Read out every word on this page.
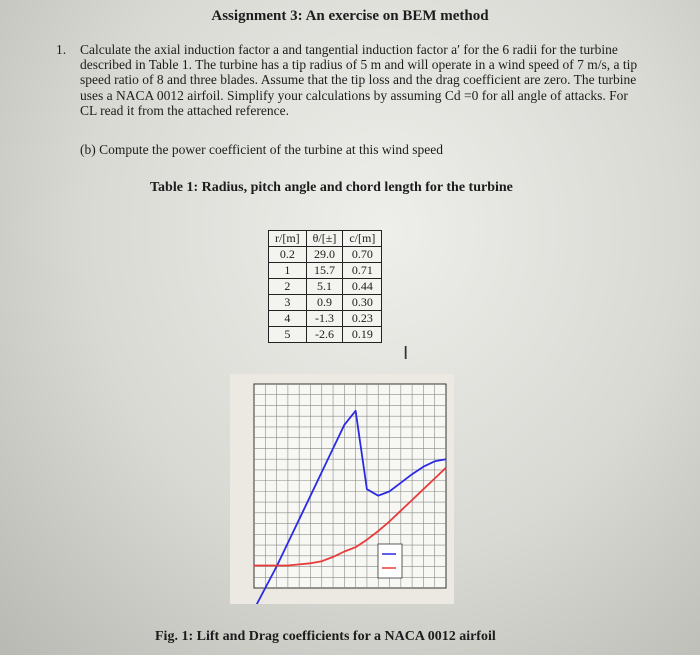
Assignment 3: An exercise on BEM method
1. Calculate the axial induction factor a and tangential induction factor a′ for the 6 radii for the turbine described in Table 1. The turbine has a tip radius of 5 m and will operate in a wind speed of 7 m/s, a tip speed ratio of 8 and three blades. Assume that the tip loss and the drag coefficient are zero. The turbine uses a NACA 0012 airfoil. Simplify your calculations by assuming Cd =0 for all angle of attacks. For CL read it from the attached reference.
(b) Compute the power coefficient of the turbine at this wind speed
Table 1: Radius, pitch angle and chord length for the turbine
r/[m]	θ/[±]	c/[m]
0.2	29.0	0.70
1	15.7	0.71
2	5.1	0.44
3	0.9	0.30
4	-1.3	0.23
5	-2.6	0.19
I
Fig. 1: Lift and Drag coefficients for a NACA 0012 airfoil
